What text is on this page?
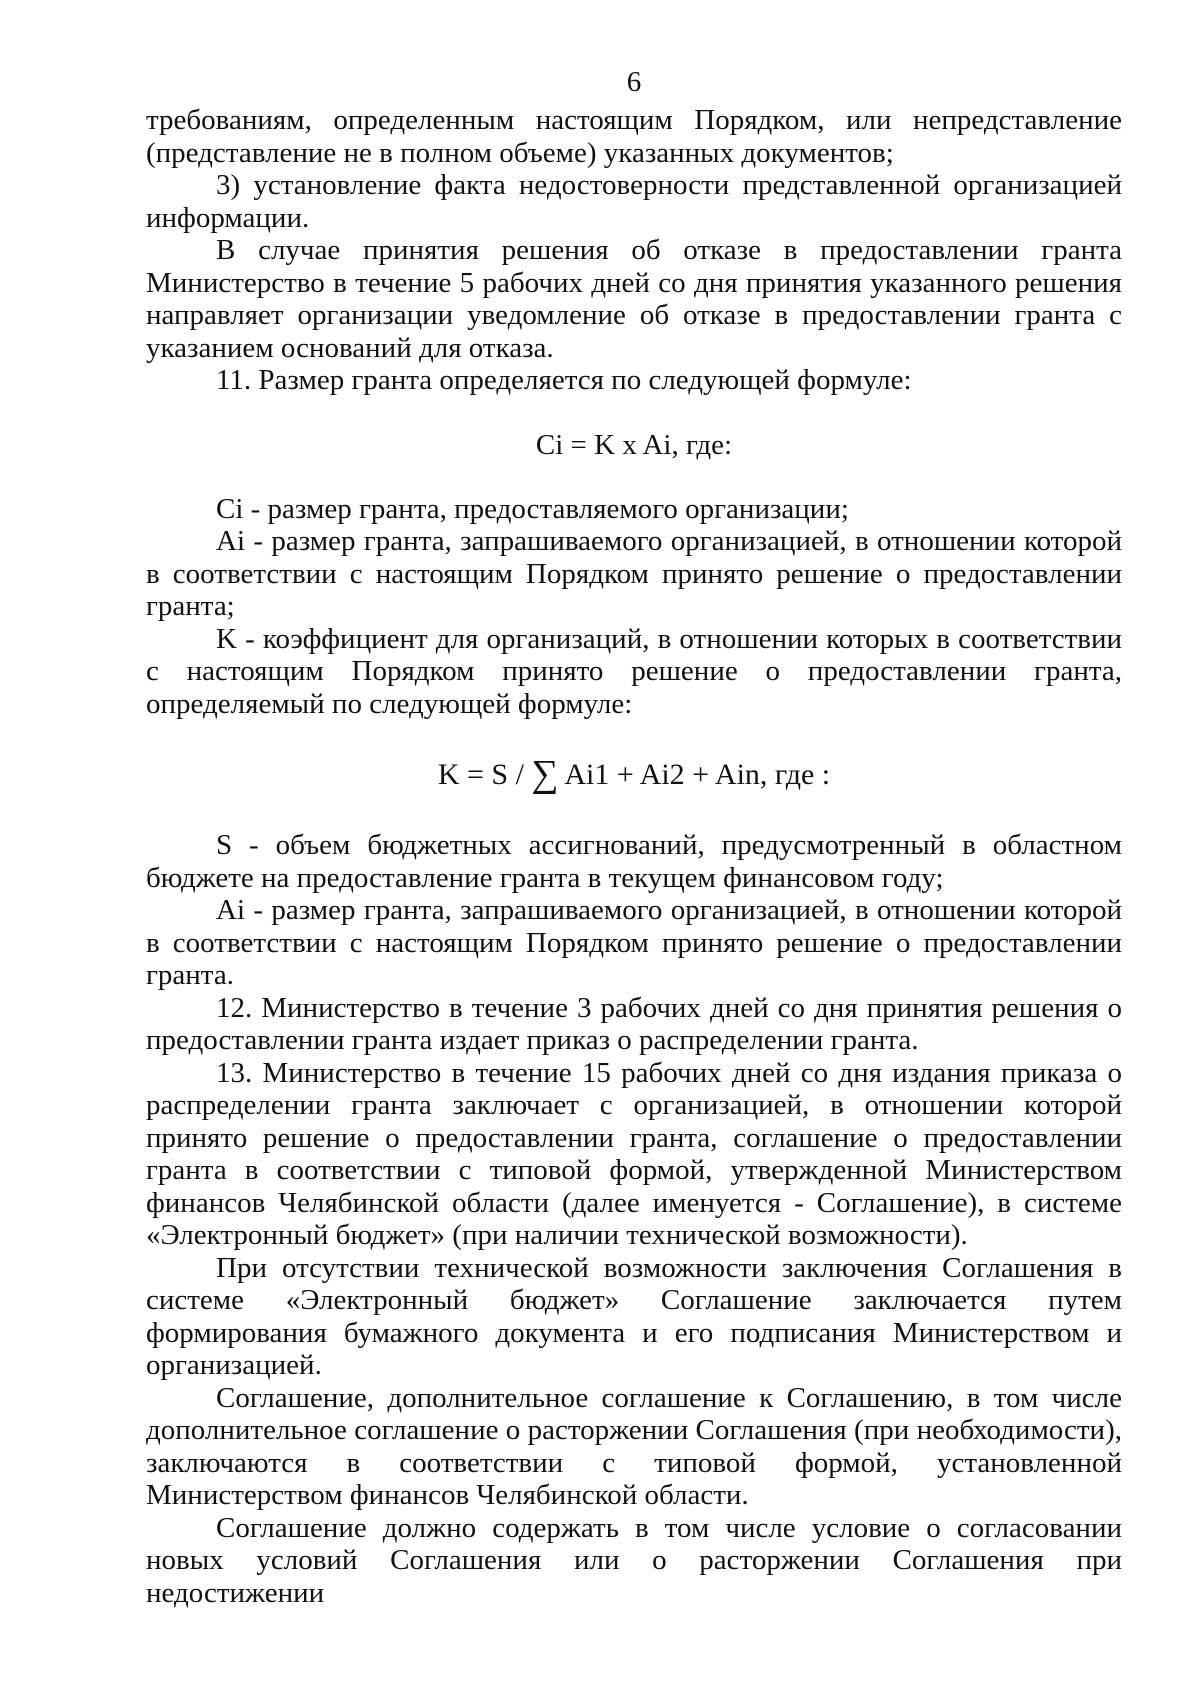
6

требованиям, определенным настоящим Порядком, или непредставление (представление не в полном объеме) указанных документов;

3) установление факта недостоверности представленной организацией информации.

В случае принятия решения об отказе в предоставлении гранта Министерство в течение 5 рабочих дней со дня принятия указанного решения направляет организации уведомление об отказе в предоставлении гранта с указанием оснований для отказа.

11. Размер гранта определяется по следующей формуле:

Ci = K x Ai, где:

Ci - размер гранта, предоставляемого организации;

Ai - размер гранта, запрашиваемого организацией, в отношении которой в соответствии с настоящим Порядком принято решение о предоставлении гранта;

K - коэффициент для организаций, в отношении которых в соответствии с настоящим Порядком принято решение о предоставлении гранта, определяемый по следующей формуле:

K = S / ∑ Ai1 + Ai2 + Ain, где :

S - объем бюджетных ассигнований, предусмотренный в областном бюджете на предоставление гранта в текущем финансовом году;

Ai - размер гранта, запрашиваемого организацией, в отношении которой в соответствии с настоящим Порядком принято решение о предоставлении гранта.

12. Министерство в течение 3 рабочих дней со дня принятия решения о предоставлении гранта издает приказ о распределении гранта.

13. Министерство в течение 15 рабочих дней со дня издания приказа о распределении гранта заключает с организацией, в отношении которой принято решение о предоставлении гранта, соглашение о предоставлении гранта в соответствии с типовой формой, утвержденной Министерством финансов Челябинской области (далее именуется - Соглашение), в системе «Электронный бюджет» (при наличии технической возможности).

При отсутствии технической возможности заключения Соглашения в системе «Электронный бюджет» Соглашение заключается путем формирования бумажного документа и его подписания Министерством и организацией.

Соглашение, дополнительное соглашение к Соглашению, в том числе дополнительное соглашение о расторжении Соглашения (при необходимости), заключаются в соответствии с типовой формой, установленной Министерством финансов Челябинской области.

Соглашение должно содержать в том числе условие о согласовании новых условий Соглашения или о расторжении Соглашения при недостижении
